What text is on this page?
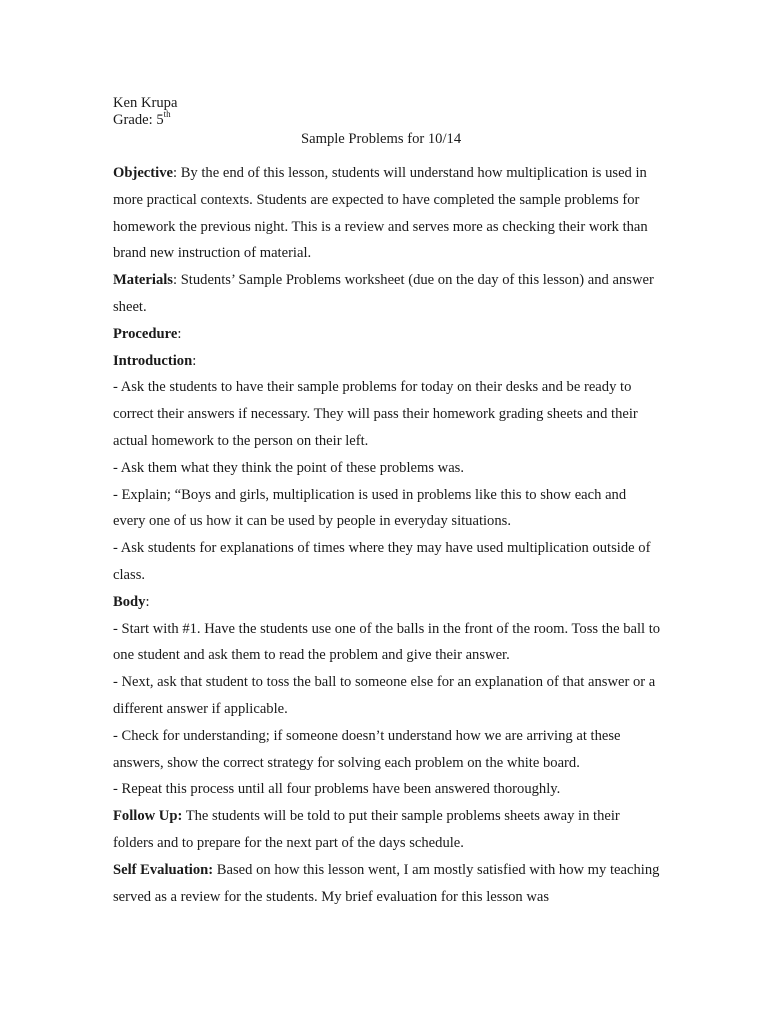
Ken Krupa
Grade: 5th
Sample Problems for 10/14

Objective: By the end of this lesson, students will understand how multiplication is used in more practical contexts. Students are expected to have completed the sample problems for homework the previous night. This is a review and serves more as checking their work than brand new instruction of material.

Materials: Students’ Sample Problems worksheet (due on the day of this lesson) and answer sheet.

Procedure:

Introduction:

- Ask the students to have their sample problems for today on their desks and be ready to correct their answers if necessary. They will pass their homework grading sheets and their actual homework to the person on their left.

- Ask them what they think the point of these problems was.

- Explain; “Boys and girls, multiplication is used in problems like this to show each and every one of us how it can be used by people in everyday situations.

- Ask students for explanations of times where they may have used multiplication outside of class.

Body:

- Start with #1. Have the students use one of the balls in the front of the room. Toss the ball to one student and ask them to read the problem and give their answer.

- Next, ask that student to toss the ball to someone else for an explanation of that answer or a different answer if applicable.

- Check for understanding; if someone doesn’t understand how we are arriving at these answers, show the correct strategy for solving each problem on the white board.

- Repeat this process until all four problems have been answered thoroughly.

Follow Up: The students will be told to put their sample problems sheets away in their folders and to prepare for the next part of the days schedule.

Self Evaluation: Based on how this lesson went, I am mostly satisfied with how my teaching served as a review for the students. My brief evaluation for this lesson was
